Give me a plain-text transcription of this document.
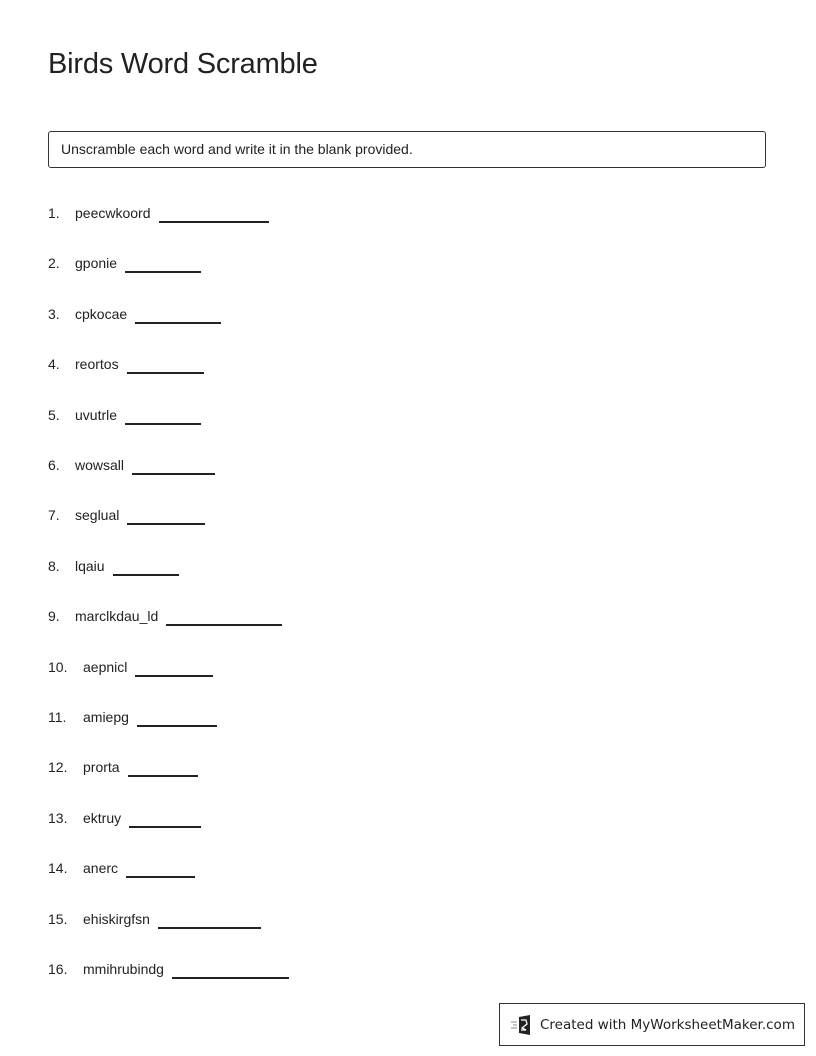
Birds Word Scramble
Unscramble each word and write it in the blank provided.
1.	peecwkoord
2.	gponie
3.	cpkocae
4.	reortos
5.	uvutrle
6.	wowsall
7.	seglual
8.	lqaiu
9.	marclkdau_ld
10.	aepnicl
11.	amiepg
12.	prorta
13.	ektruy
14.	anerc
15.	ehiskirgfsn
16.	mmihrubindg
Created with MyWorksheetMaker.com
